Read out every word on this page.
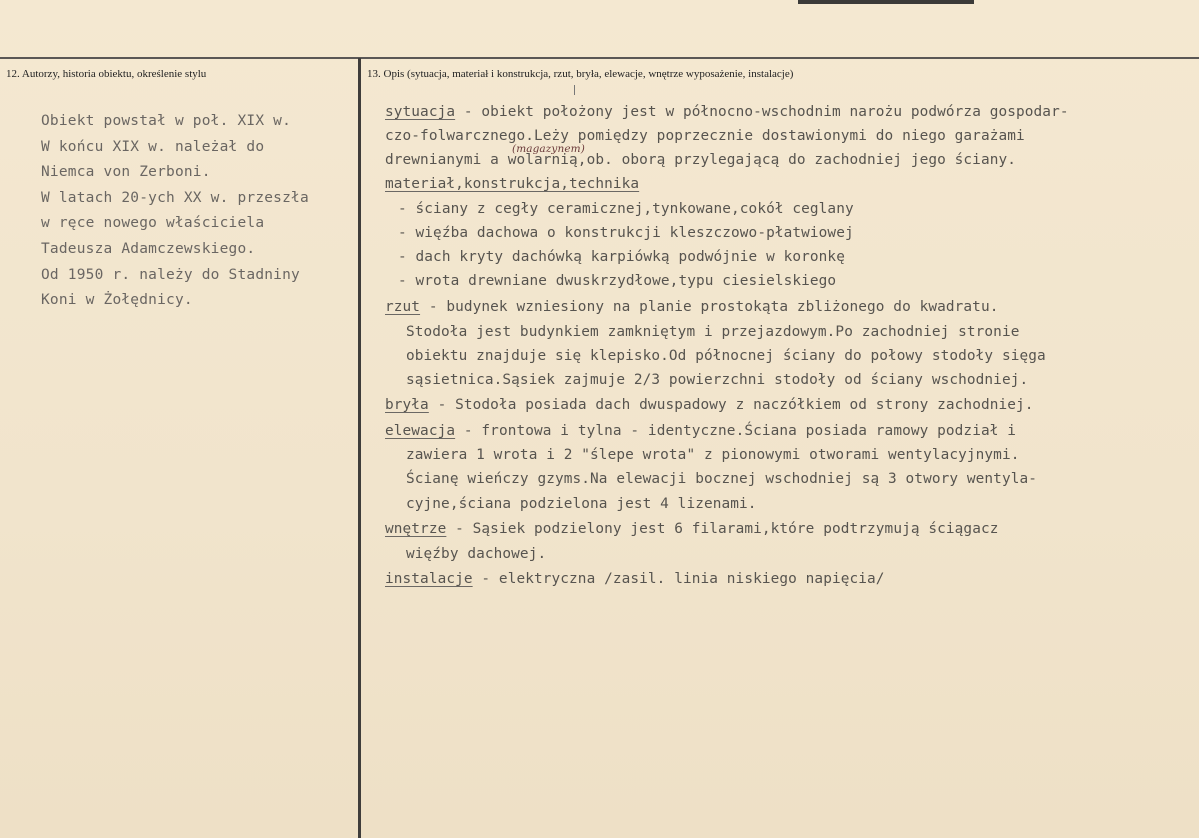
12. Autorzy, historia obiektu, określenie stylu	13. Opis (sytuacja, materiał i konstrukcja, rzut, bryła, elewacje, wnętrze wyposażenie, instalacje)
Obiekt powstał w poł. XIX w.
W końcu XIX w. należał do
Niemca von Zerboni.
W latach 20-ych XX w. przeszła
w ręce nowego właściciela
Tadeusza Adamczewskiego.
Od 1950 r. należy do Stadniny
Koni w Żołędnicy.
sytuacja - obiekt położony jest w północno-wschodnim narożu podwórza gospodar-
czo-folwarcznego.Leży pomiędzy poprzecznie dostawionymi do niego garażami
drewnianymi a wolarnią,ob. oborą przylegającą do zachodniej jego ściany.
(magazynem)
materiał,konstrukcja,technika
- ściany z cegły ceramicznej,tynkowane,cokół ceglany
- więźba dachowa o konstrukcji kleszczowo-płatwiowej
- dach kryty dachówką karpiówką podwójnie w koronkę
- wrota drewniane dwuskrzydłowe,typu ciesielskiego
rzut - budynek wzniesiony na planie prostokąta zbliżonego do kwadratu.
Stodoła jest budynkiem zamkniętym i przejazdowym.Po zachodniej stronie
obiektu znajduje się klepisko.Od północnej ściany do połowy stodoły sięga
sąsietnica.Sąsiek zajmuje 2/3 powierzchni stodoły od ściany wschodniej.
bryła - Stodoła posiada dach dwuspadowy z naczółkiem od strony zachodniej.
elewacja - frontowa i tylna - identyczne.Ściana posiada ramowy podział i
zawiera 1 wrota i 2 "ślepe wrota" z pionowymi otworami wentylacyjnymi.
Ścianę wieńczy gzyms.Na elewacji bocznej wschodniej są 3 otwory wentyla-
cyjne,ściana podzielona jest 4 lizenami.
wnętrze - Sąsiek podzielony jest 6 filarami,które podtrzymują ściągacz
więźby dachowej.
instalacje - elektryczna /zasil. linia niskiego napięcia/
